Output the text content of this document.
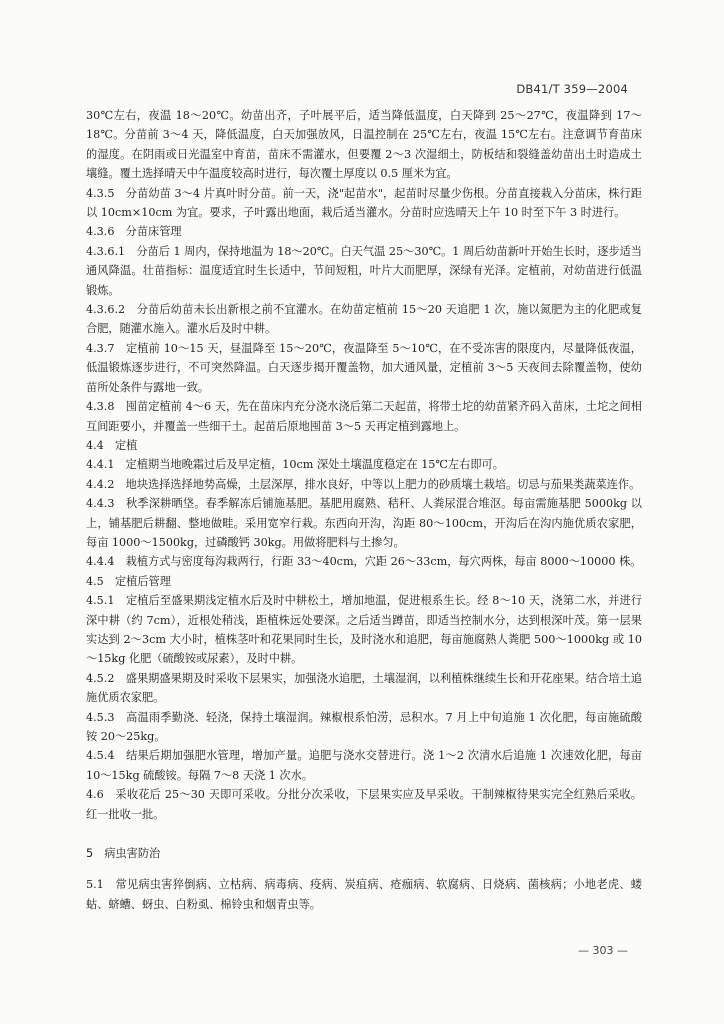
DB41/T 359—2004

30℃左右，夜温 18～20℃。幼苗出齐，子叶展平后，适当降低温度，白天降到 25～27℃，夜温降到 17～18℃。分苗前 3～4 天，降低温度，白天加强放风，日温控制在 25℃左右，夜温 15℃左右。注意调节育苗床的湿度。在阴雨或日光温室中育苗，苗床不需灌水，但要覆 2～3 次湿细土，防板结和裂缝盖幼苗出土时造成土壤缝。覆土选择晴天中午温度较高时进行，每次覆土厚度以 0.5 厘米为宜。

4.3.5　分苗幼苗 3～4 片真叶时分苗。前一天，浇"起苗水"，起苗时尽量少伤根。分苗直接栽入分苗床，株行距以 10cm×10cm 为宜。要求，子叶露出地面，栽后适当灌水。分苗时应选晴天上午 10 时至下午 3 时进行。

4.3.6　分苗床管理

4.3.6.1　分苗后 1 周内，保持地温为 18～20℃。白天气温 25～30℃。1 周后幼苗新叶开始生长时，逐步适当通风降温。壮苗指标：温度适宜时生长适中，节间短粗，叶片大而肥厚，深绿有光泽。定植前，对幼苗进行低温锻炼。

4.3.6.2　分苗后幼苗未长出新根之前不宜灌水。在幼苗定植前 15～20 天追肥 1 次，施以氮肥为主的化肥或复合肥，随灌水施入。灌水后及时中耕。

4.3.7　定植前 10～15 天，昼温降至 15～20℃，夜温降至 5～10℃，在不受冻害的限度内，尽量降低夜温，低温锻炼逐步进行，不可突然降温。白天逐步揭开覆盖物，加大通风量，定植前 3～5 天夜间去除覆盖物，使幼苗所处条件与露地一致。

4.3.8　囤苗定植前 4～6 天，先在苗床内充分浇水浇后第二天起苗，将带土坨的幼苗紧齐码入苗床，土坨之间相互间距要小，并覆盖一些细干土。起苗后原地囤苗 3～5 天再定植到露地上。

4.4　定植

4.4.1　定植期当地晚霜过后及早定植，10cm 深处土壤温度稳定在 15℃左右即可。

4.4.2　地块选择选择地势高燥，土层深厚，排水良好，中等以上肥力的砂质壤土栽培。切忌与茄果类蔬菜连作。

4.4.3　秋季深耕晒垡。春季解冻后铺施基肥。基肥用腐熟、秸秆、人粪尿混合堆沤。每亩需施基肥 5000kg 以上，铺基肥后耕翻、整地做畦。采用宽窄行栽。东西向开沟，沟距 80～100cm，开沟后在沟内施优质农家肥，每亩 1000～1500kg，过磷酸钙 30kg。用做将肥料与土掺匀。

4.4.4　栽植方式与密度每沟栽两行，行距 33～40cm，穴距 26～33cm，每穴两株，每亩 8000～10000 株。

4.5　定植后管理

4.5.1　定植后至盛果期浅定植水后及时中耕松土，增加地温，促进根系生长。经 8～10 天，浇第二水，并进行深中耕（约 7cm），近根处稍浅，距植株远处要深。之后适当蹲苗，即适当控制水分，达到根深叶茂。第一层果实达到 2～3cm 大小时，植株茎叶和花果同时生长，及时浇水和追肥，每亩施腐熟人粪肥 500～1000kg 或 10～15kg 化肥（硫酸铵或尿素），及时中耕。

4.5.2　盛果期盛果期及时采收下层果实，加强浇水追肥，土壤湿润，以利植株继续生长和开花座果。结合培土追施优质农家肥。

4.5.3　高温雨季勤浇、轻浇，保持土壤湿润。辣椒根系怕涝，忌积水。7 月上中旬追施 1 次化肥，每亩施硫酸铵 20～25kg。

4.5.4　结果后期加强肥水管理，增加产量。追肥与浇水交替进行。浇 1～2 次清水后追施 1 次速效化肥，每亩 10～15kg 硫酸铵。每隔 7～8 天浇 1 次水。

4.6　采收花后 25～30 天即可采收。分批分次采收，下层果实应及早采收。干制辣椒待果实完全红熟后采收。红一批收一批。

5　病虫害防治

5.1　常见病虫害猝倒病、立枯病、病毒病、疫病、炭疽病、疮痂病、软腐病、日烧病、菌核病；小地老虎、蝼蛄、蛴螬、蚜虫、白粉虱、棉铃虫和烟青虫等。

— 303 —
